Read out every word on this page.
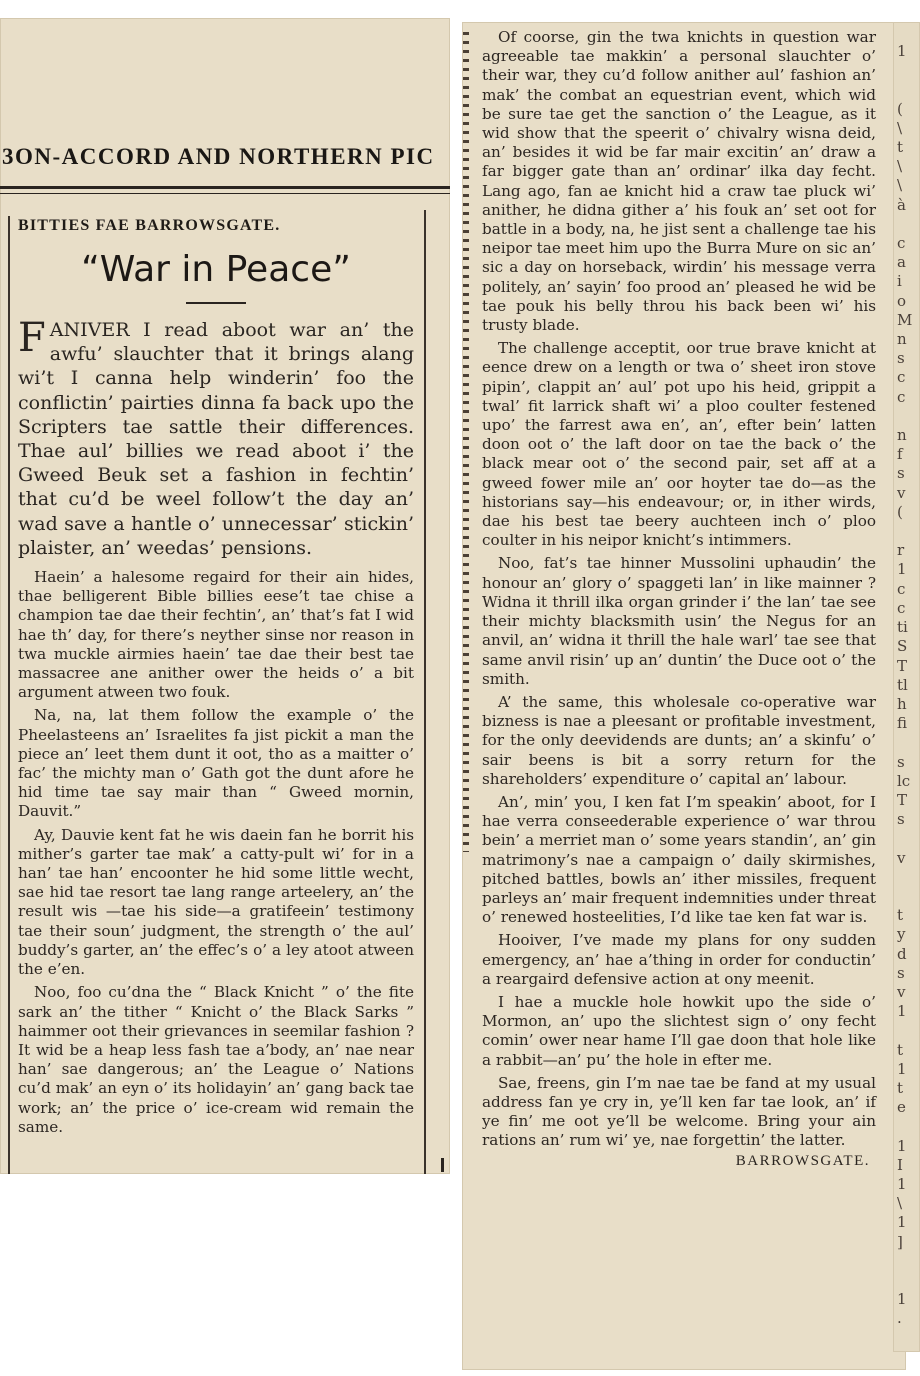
3ON-ACCORD AND NORTHERN PIC
BITTIES FAE BARROWSGATE.
“War in Peace”
FANIVER I read aboot war an’ the awfu’ slauchter that it brings alang wi’t I canna help winderin’ foo the conflictin’ pairties dinna fa back upo the Scripters tae sattle their differences. Thae aul’ billies we read aboot i’ the Gweed Beuk set a fashion in fechtin’ that cu’d be weel follow’t the day an’ wad save a hantle o’ unnecessar’ stickin’ plaister, an’ weedas’ pensions.
Haein’ a halesome regaird for their ain hides, thae belligerent Bible billies eese’t tae chise a champion tae dae their fechtin’, an’ that’s fat I wid hae th’ day, for there’s neyther sinse nor reason in twa muckle airmies haein’ tae dae their best tae massacree ane anither ower the heids o’ a bit argument atween two fouk.
Na, na, lat them follow the example o’ the Pheelasteens an’ Israelites fa jist pickit a man the piece an’ leet them dunt it oot, tho as a maitter o’ fac’ the michty man o’ Gath got the dunt afore he hid time tae say mair than “ Gweed mornin, Dauvit.”
Ay, Dauvie kent fat he wis daein fan he borrit his mither’s garter tae mak’ a catty-pult wi’ for in a han’ tae han’ encoonter he hid some little wecht, sae hid tae resort tae lang range arteelery, an’ the result wis —tae his side—a gratifeein’ testimony tae their soun’ judgment, the strength o’ the aul’ buddy’s garter, an’ the effec’s o’ a ley atoot atween the e’en.
Noo, foo cu’dna the “ Black Knicht ” o’ the fite sark an’ the tither “ Knicht o’ the Black Sarks ” haimmer oot their grievances in seemilar fashion ? It wid be a heap less fash tae a’body, an’ nae near han’ sae dangerous; an’ the League o’ Nations cu’d mak’ an eyn o’ its holidayin’ an’ gang back tae work; an’ the price o’ ice-cream wid remain the same.
Of coorse, gin the twa knichts in question war agreeable tae makkin’ a personal slauchter o’ their war, they cu’d follow anither aul’ fashion an’ mak’ the combat an equestrian event, which wid be sure tae get the sanction o’ the League, as it wid show that the speerit o’ chivalry wisna deid, an’ besides it wid be far mair excitin’ an’ draw a far bigger gate than an’ ordinar’ ilka day fecht. Lang ago, fan ae knicht hid a craw tae pluck wi’ anither, he didna gither a’ his fouk an’ set oot for battle in a body, na, he jist sent a challenge tae his neipor tae meet him upo the Burra Mure on sic an’ sic a day on horseback, wirdin’ his message verra politely, an’ sayin’ foo prood an’ pleased he wid be tae pouk his belly throu his back been wi’ his trusty blade.
The challenge acceptit, oor true brave knicht at eence drew on a length or twa o’ sheet iron stove pipin’, clappit an’ aul’ pot upo his heid, grippit a twal’ fit larrick shaft wi’ a ploo coulter festened upo’ the farrest awa en’, an’, efter bein’ latten doon oot o’ the laft door on tae the back o’ the black mear oot o’ the second pair, set aff at a gweed fower mile an’ oor hoyter tae do—as the historians say—his endeavour; or, in ither wirds, dae his best tae beery auchteen inch o’ ploo coulter in his neipor knicht’s intimmers.
Noo, fat’s tae hinner Mussolini uphaudin’ the honour an’ glory o’ spaggeti lan’ in like mainner ? Widna it thrill ilka organ grinder i’ the lan’ tae see their michty blacksmith usin’ the Negus for an anvil, an’ widna it thrill the hale warl’ tae see that same anvil risin’ up an’ duntin’ the Duce oot o’ the smith.
A’ the same, this wholesale co-operative war bizness is nae a pleesant or profitable investment, for the only deevidends are dunts; an’ a skinfu’ o’ sair beens is bit a sorry return for the shareholders’ expenditure o’ capital an’ labour.
An’, min’ you, I ken fat I’m speakin’ aboot, for I hae verra conseederable experience o’ war throu bein’ a merriet man o’ some years standin’, an’ gin matrimony’s nae a campaign o’ daily skirmishes, pitched battles, bowls an’ ither missiles, frequent parleys an’ mair frequent indemnities under threat o’ renewed hosteelities, I’d like tae ken fat war is.
Hooiver, I’ve made my plans for ony sudden emergency, an’ hae a’thing in order for conductin’ a reargaird defensive action at ony meenit.
I hae a muckle hole howkit upo the side o’ Mormon, an’ upo the slichtest sign o’ ony fecht comin’ ower near hame I’ll gae doon that hole like a rabbit—an’ pu’ the hole in efter me.
Sae, freens, gin I’m nae tae be fand at my usual address fan ye cry in, ye’ll ken far tae look, an’ if ye fin’ me oot ye’ll be welcome. Bring your ain rations an’ rum wi’ ye, nae forgettin’ the latter.
BARROWSGATE.
1

(
\
t
\
\
à

c
a
i
o
M
n
s
c
c

n
f
s
v
(

r
1
c
c
ti
S
T
tl
h
fi

s
lc
T
s

v

t
y
d
s
v
1

t
1
t
e

1
I
1
\
1
]

1
.
